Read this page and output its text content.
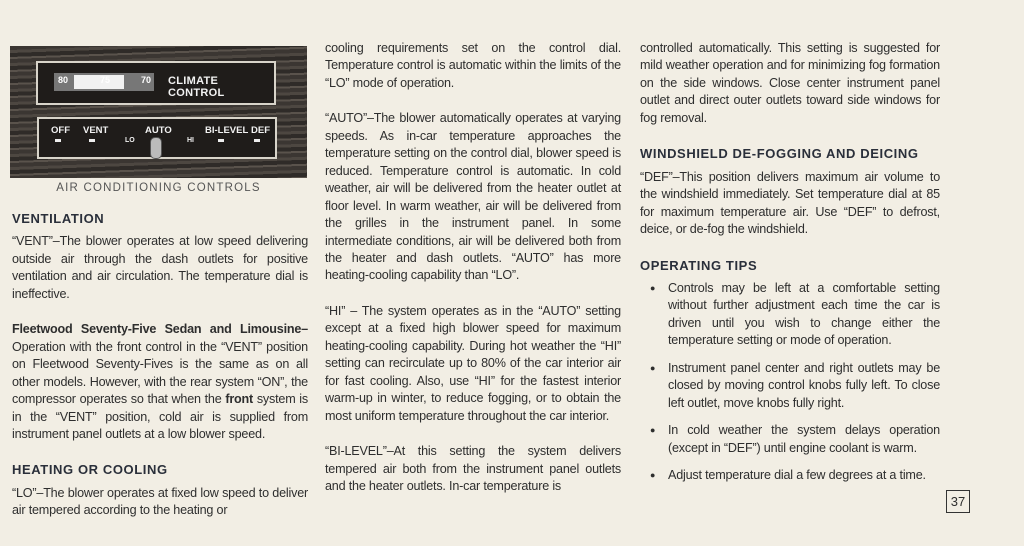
80	75	70 CLIMATE CONTROL
OFF VENT
LO
AUTO
HI
BI-LEVEL DEF
AIR CONDITIONING CONTROLS
VENTILATION
“VENT”–The blower operates at low speed delivering outside air through the dash outlets for positive ventilation and air circulation. The temperature dial is ineffective.
Fleetwood Seventy-Five Sedan and Limousine– Operation with the front control in the “VENT” position on Fleetwood Seventy-Fives is the same as on all other models. However, with the rear system “ON”, the compressor operates so that when the front system is in the “VENT” position, cold air is supplied from instrument panel outlets at a low blower speed.
HEATING OR COOLING
“LO”–The blower operates at fixed low speed to deliver air tempered according to the heating or
cooling requirements set on the control dial. Temperature control is automatic within the limits of the “LO” mode of operation.
“AUTO”–The blower automatically operates at varying speeds. As in-car temperature approaches the temperature setting on the control dial, blower speed is reduced. Temperature control is automatic. In cold weather, air will be delivered from the heater outlet at floor level. In warm weather, air will be delivered from the grilles in the instrument panel. In some intermediate conditions, air will be delivered both from the heater and dash outlets. “AUTO” has more heating-cooling capability than “LO”.
“HI” – The system operates as in the “AUTO” setting except at a fixed high blower speed for maximum heating-cooling capability. During hot weather the “HI” setting can recirculate up to 80% of the car interior air for fast cooling. Also, use “HI” for the fastest interior warm-up in winter, to reduce fogging, or to obtain the most uniform temperature throughout the car interior.
“BI-LEVEL”–At this setting the system delivers tempered air both from the instrument panel outlets and the heater outlets. In-car temperature is
controlled automatically. This setting is suggested for mild weather operation and for minimizing fog formation on the side windows. Close center instrument panel outlet and direct outer outlets toward side windows for fog removal.
WINDSHIELD DE-FOGGING AND DEICING
“DEF”–This position delivers maximum air volume to the windshield immediately. Set temperature dial at 85 for maximum temperature air. Use “DEF” to defrost, deice, or de-fog the windshield.
OPERATING TIPS
● Controls may be left at a comfortable setting without further adjustment each time the car is driven until you wish to change either the temperature setting or mode of operation.
● Instrument panel center and right outlets may be closed by moving control knobs fully left. To close left outlet, move knobs fully right.
● In cold weather the system delays operation (except in “DEF”) until engine coolant is warm.
● Adjust temperature dial a few degrees at a time.
37
